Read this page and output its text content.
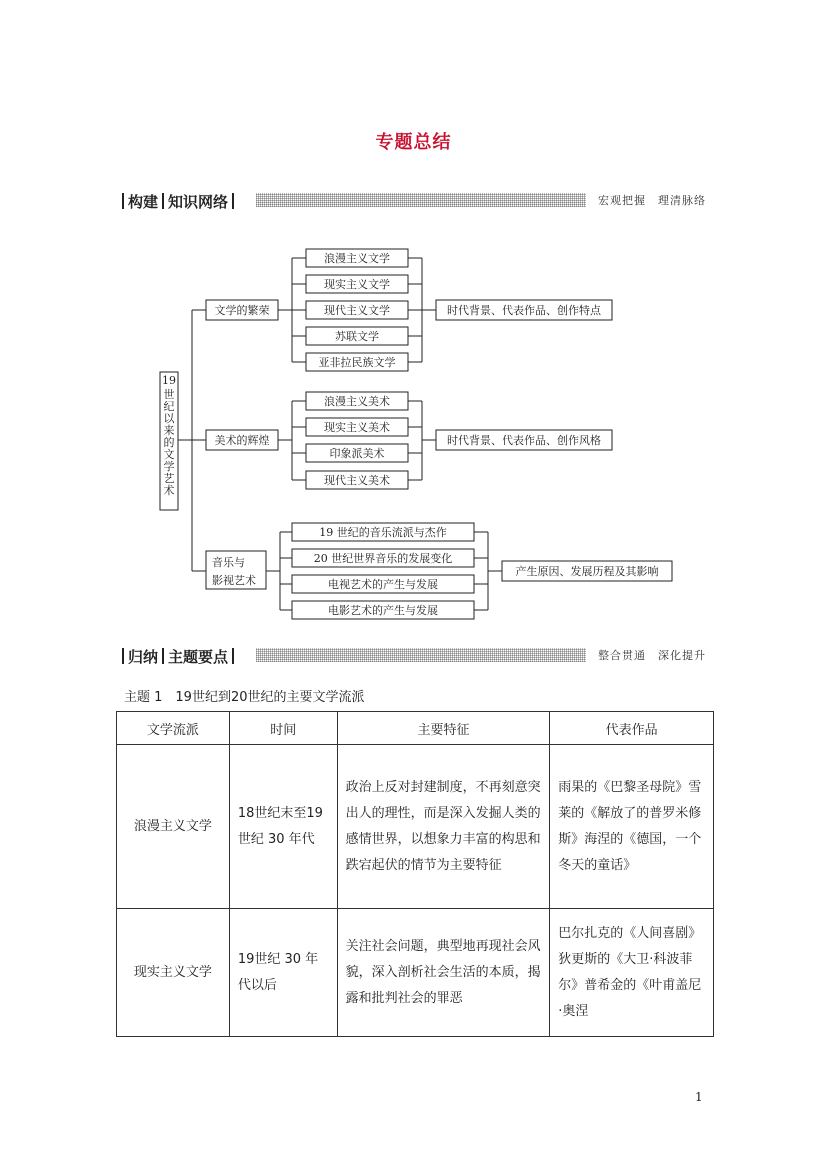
专题总结
构建 知识网络	宏观把握　理清脉络
19
世纪以来的文学艺术
文学的繁荣
美术的辉煌
音乐与
影视艺术
浪漫主义文学
现实主义文学
现代主义文学
苏联文学
亚非拉民族文学
时代背景、代表作品、创作特点
浪漫主义美术
现实主义美术
印象派美术
现代主义美术
时代背景、代表作品、创作风格
19 世纪的音乐流派与杰作
20 世纪世界音乐的发展变化
电视艺术的产生与发展
电影艺术的产生与发展
产生原因、发展历程及其影响
归纳 主题要点	整合贯通　深化提升
主题 1　19世纪到20世纪的主要文学流派
文学流派	时间	主要特征	代表作品
浪漫主义文学	18世纪末至19世纪 30 年代	政治上反对封建制度，不再刻意突出人的理性，而是深入发掘人类的感情世界，以想象力丰富的构思和跌宕起伏的情节为主要特征	雨果的《巴黎圣母院》雪莱的《解放了的普罗米修斯》海涅的《德国，一个冬天的童话》
现实主义文学	19世纪 30 年代以后	关注社会问题，典型地再现社会风貌，深入剖析社会生活的本质，揭露和批判社会的罪恶	巴尔扎克的《人间喜剧》狄更斯的《大卫·科波菲尔》普希金的《叶甫盖尼·奥涅
1
